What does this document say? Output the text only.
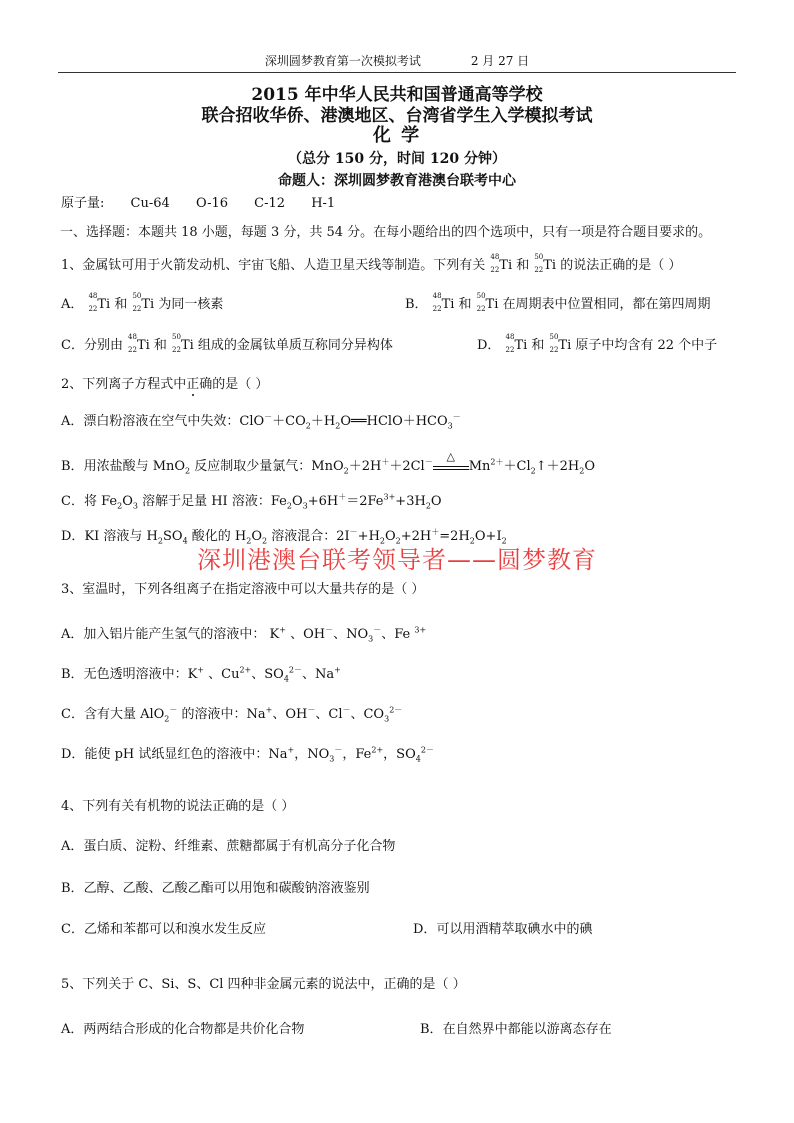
深圳圆梦教育第一次模拟考试	2 月 27 日
2015 年中华人民共和国普通高等学校
联合招收华侨、港澳地区、台湾省学生入学模拟考试
化 学
（总分 150 分，时间 120 分钟）
命题人：深圳圆梦教育港澳台联考中心
原子量: Cu-64 O-16 C-12 H-1
一、选择题：本题共 18 小题，每题 3 分，共 54 分。在每小题给出的四个选项中，只有一项是符合题目要求的。
1、金属钛可用于火箭发动机、宇宙飞船、人造卫星天线等制造。下列有关
48
22 Ti 和
50
22 Ti 的说法正确的是（ ）
A．
48
22 Ti 和
50
22 Ti 为同一核素	B．
48
22 Ti 和
50
22 Ti 在周期表中位置相同，都在第四周期
C．分别由
48
22 Ti 和
50
22 Ti 组成的金属钛单质互称同分异构体	D．
48
22 Ti 和
50
22 Ti 原子中均含有 22 个中子
2、下列离子方程式中正确的是（ ）
A．漂白粉溶液在空气中失效：$ClO^-+CO_2+H_2O══HClO+HCO_3^-$
B．用浓盐酸与 MnO$_2$ 反应制取少量氯气：MnO$_2$＋2H＋＋2Cl－	△
$Mn^{2+}+Cl_2↑+2H_2O$
C．将 $Fe_2O_3$ 溶解于足量 HI 溶液：$Fe_2O_3+6H^+=2Fe^{3+}+3H_2O$
D．KI 溶液与 $H_2SO_4$ 酸化的 $H_2O_2$ 溶液混合：$2I^-+H_2O_2+2H^+=2H_2O+I_2$
深圳港澳台联考领导者——圆梦教育
3、室温时，下列各组离子在指定溶液中可以大量共存的是（ ）
A．加入铝片能产生氢气的溶液中： K+ 、OH－、$NO_3^-$、Fe $^{3+}$
B．无色透明溶液中：K+ 、$Cu^{2+}$、$SO_4^{2-}$、Na+
C．含有大量 AlO$_2$－ 的溶液中：Na+、OH－、Cl－、$CO_3^{2-}$
D．能使 pH 试纸显红色的溶液中：Na+，$NO_3^-$，$Fe^{2+}$，$SO_4^{2-}$
4、下列有关有机物的说法正确的是（ ）
A．蛋白质、淀粉、纤维素、蔗糖都属于有机高分子化合物
B．乙醇、乙酸、乙酸乙酯可以用饱和碳酸钠溶液鉴别
C．乙烯和苯都可以和溴水发生反应	D．可以用酒精萃取碘水中的碘
5、下列关于 C、Si、S、Cl 四种非金属元素的说法中，正确的是（ ）
A．两两结合形成的化合物都是共价化合物	B．在自然界中都能以游离态存在
